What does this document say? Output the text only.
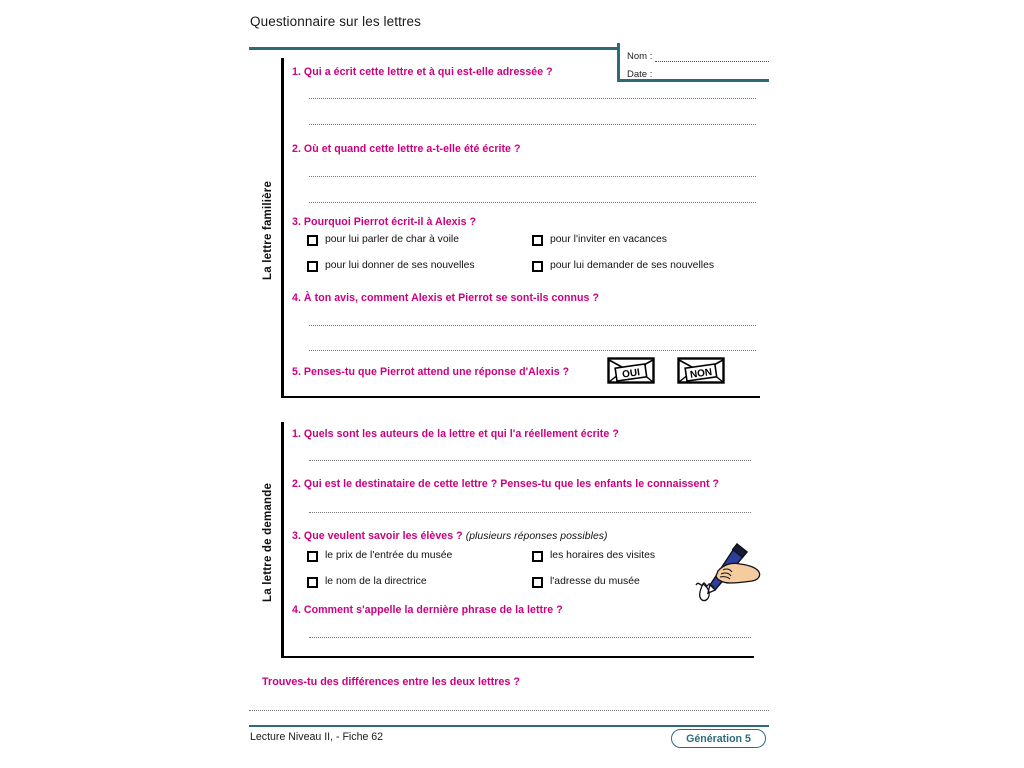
Questionnaire sur les lettres
Nom :
Date :
La lettre familière
1. Qui a écrit cette lettre et à qui est-elle adressée ?
2. Où et quand cette lettre a-t-elle été écrite ?
3. Pourquoi Pierrot écrit-il à Alexis ?
pour lui parler de char à voile	pour l'inviter en vacances
pour lui donner de ses nouvelles	pour lui demander de ses nouvelles
4. À ton avis, comment Alexis et Pierrot se sont-ils connus ?
5. Penses-tu que Pierrot attend une réponse d'Alexis ?	OUI	NON
La lettre de demande
1. Quels sont les auteurs de la lettre et qui l'a réellement écrite ?
2. Qui est le destinataire de cette lettre ? Penses-tu que les enfants le connaissent ?
3. Que veulent savoir les élèves ? (plusieurs réponses possibles)
le prix de l'entrée du musée	les horaires des visites
le nom de la directrice	l'adresse du musée
4. Comment s'appelle la dernière phrase de la lettre ?
Trouves-tu des différences entre les deux lettres ?
Lecture Niveau II, - Fiche 62	Génération 5
